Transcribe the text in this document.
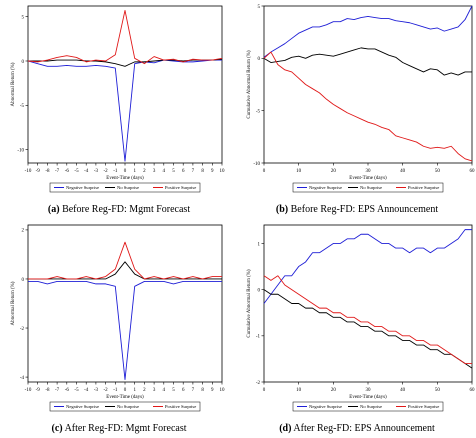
-10 -9 -8 -7 -6 -5 -4 -3 -2 -1 0 1 2 3 4 5 6 7 8 9 10
5
0
-5
-10
Event-Time (days)
Abnormal Return (%)
Negative Surprise	No Surprise	Positive Surprise
(a) Before Reg-FD: Mgmt Forecast
0	10	20	30	40	50	60
5
0
-5
-10
Event-Time (days)
Cumulative Abnormal Return (%)
Negative Surprise	No Surprise	Positive Surprise
(b) Before Reg-FD: EPS Announcement
-10 -9 -8 -7 -6 -5 -4 -3 -2 -1 0 1 2 3 4 5 6 7 8 9 10
2
0
-2
-4
Event-Time (days)
Abnormal Return (%)
Negative Surprise	No Surprise	Positive Surprise
(c) After Reg-FD: Mgmt Forecast
0	10	20	30	40	50	60
1
0
-1
-2
Event-Time (days)
Cumulative Abnormal Return (%)
Negative Surprise	No Surprise	Positive Surprise
(d) After Reg-FD: EPS Announcement
